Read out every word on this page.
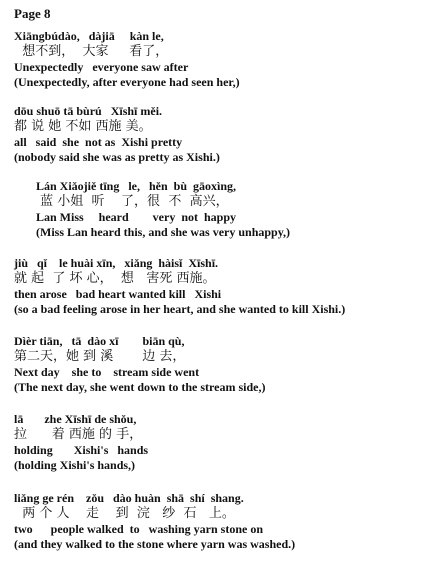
Page 8
Xiāngbúdào,   dàjiā     kàn le,
想不到，  大家     看了，
Unexpectedly   everyone saw after
(Unexpectedly, after everyone had seen her,)
dōu shuō tā bùrú   Xīshī měi.
都 说 她 不如 西施 美。
all   said  she  not as  Xishi pretty
(nobody said she was as pretty as Xishi.)
Lán Xiǎojiě tīng   le,   hěn  bù  gāoxìng,
蓝 小姐  听    了，很  不  高兴，
Lan Miss     heard        very  not  happy
(Miss Lan heard this, and she was very unhappy,)
jiù   qǐ    le huài xīn,   xiǎng  hàisǐ  Xīshī.
就 起  了 坏 心，  想   害死 西施。
then arose   bad heart wanted kill   Xishi
(so a bad feeling arose in her heart, and she wanted to kill Xishi.)
Dìèr tiān,   tā  dào xī        biān qù,
第二天，她 到 溪       边 去，
Next day    she to    stream side went
(The next day, she went down to the stream side,)
lā       zhe Xīshī de shǒu,
拉      着 西施 的 手，
holding       Xishi's   hands
(holding Xishi's hands,)
liǎng ge rén    zǒu   dào huàn  shā  shí  shang.
两 个 人    走    到  浣   纱  石   上。
two      people walked  to   washing yarn stone on
(and they walked to the stone where yarn was washed.)
